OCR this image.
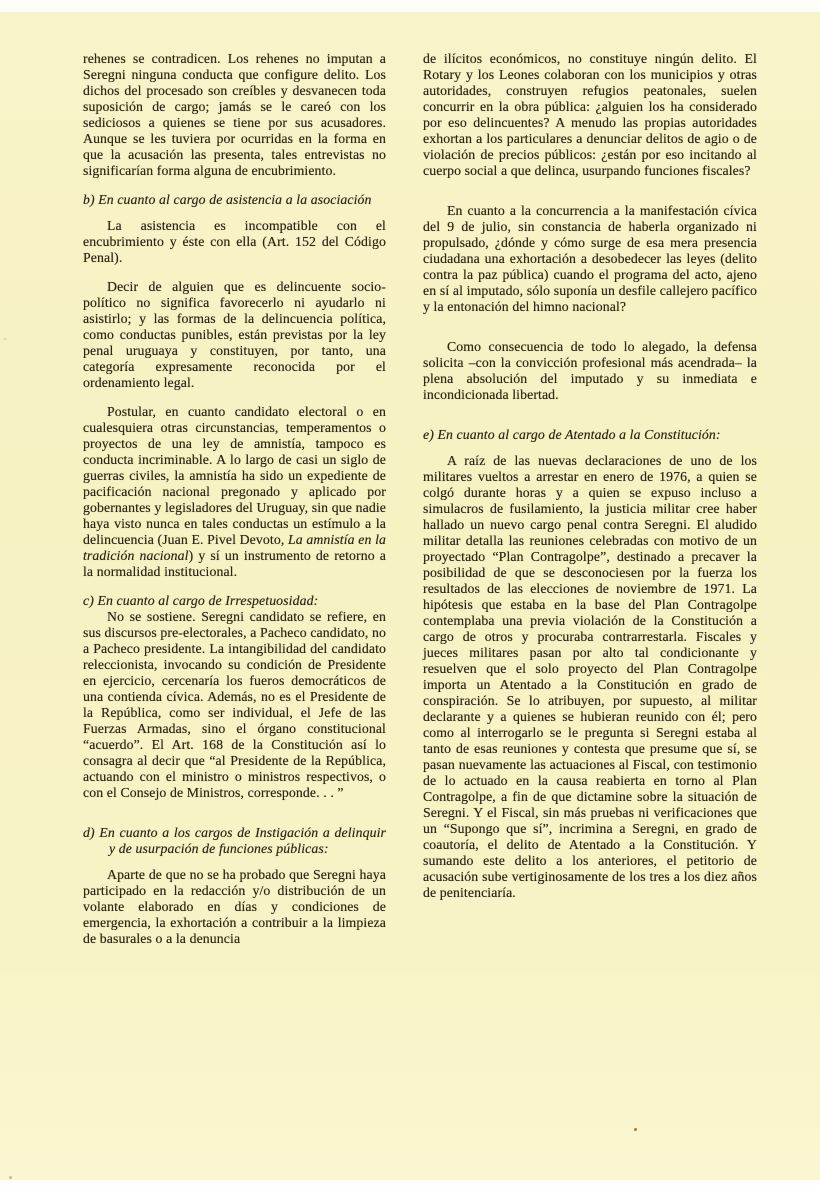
rehenes se contradicen. Los rehenes no imputan a Seregni ninguna conducta que configure delito. Los dichos del procesado son creíbles y desvanecen toda suposición de cargo; jamás se le careó con los sediciosos a quienes se tiene por sus acusadores. Aunque se les tuviera por ocurridas en la forma en que la acusación las presenta, tales entrevistas no significarían forma alguna de encubrimiento.

b) En cuanto al cargo de asistencia a la asociación

La asistencia es incompatible con el encubrimiento y éste con ella (Art. 152 del Código Penal).

Decir de alguien que es delincuente socio-político no significa favorecerlo ni ayudarlo ni asistirlo; y las formas de la delincuencia política, como conductas punibles, están previstas por la ley penal uruguaya y constituyen, por tanto, una categoría expresamente reconocida por el ordenamiento legal.

Postular, en cuanto candidato electoral o en cualesquiera otras circunstancias, temperamentos o proyectos de una ley de amnistía, tampoco es conducta incriminable. A lo largo de casi un siglo de guerras civiles, la amnistía ha sido un expediente de pacificación nacional pregonado y aplicado por gobernantes y legisladores del Uruguay, sin que nadie haya visto nunca en tales conductas un estímulo a la delincuencia (Juan E. Pivel Devoto, La amnistía en la tradición nacional) y sí un instrumento de retorno a la normalidad institucional.

c) En cuanto al cargo de Irrespetuosidad:

No se sostiene. Seregni candidato se refiere, en sus discursos pre-electorales, a Pacheco candidato, no a Pacheco presidente. La intangibilidad del candidato releccionista, invocando su condición de Presidente en ejercicio, cercenaría los fueros democráticos de una contienda cívica. Además, no es el Presidente de la República, como ser individual, el Jefe de las Fuerzas Armadas, sino el órgano constitucional “acuerdo”. El Art. 168 de la Constitución así lo consagra al decir que “al Presidente de la República, actuando con el ministro o ministros respectivos, o con el Consejo de Ministros, corresponde. . . ”

d) En cuanto a los cargos de Instigación a delinquir y de usurpación de funciones públicas:

Aparte de que no se ha probado que Seregni haya participado en la redacción y/o distribución de un volante elaborado en días y condiciones de emergencia, la exhortación a contribuir a la limpieza de basurales o a la denuncia

de ilícitos económicos, no constituye ningún delito. El Rotary y los Leones colaboran con los municipios y otras autoridades, construyen refugios peatonales, suelen concurrir en la obra pública: ¿alguien los ha considerado por eso delincuentes? A menudo las propias autoridades exhortan a los particulares a denunciar delitos de agio o de violación de precios públicos: ¿están por eso incitando al cuerpo social a que delinca, usurpando funciones fiscales?

En cuanto a la concurrencia a la manifestación cívica del 9 de julio, sin constancia de haberla organizado ni propulsado, ¿dónde y cómo surge de esa mera presencia ciudadana una exhortación a desobedecer las leyes (delito contra la paz pública) cuando el programa del acto, ajeno en sí al imputado, sólo suponía un desfile callejero pacífico y la entonación del himno nacional?

Como consecuencia de todo lo alegado, la defensa solicita –con la convicción profesional más acendrada– la plena absolución del imputado y su inmediata e incondicionada libertad.

e) En cuanto al cargo de Atentado a la Constitución:

A raíz de las nuevas declaraciones de uno de los militares vueltos a arrestar en enero de 1976, a quien se colgó durante horas y a quien se expuso incluso a simulacros de fusilamiento, la justicia militar cree haber hallado un nuevo cargo penal contra Seregni. El aludido militar detalla las reuniones celebradas con motivo de un proyectado “Plan Contragolpe”, destinado a precaver la posibilidad de que se desconociesen por la fuerza los resultados de las elecciones de noviembre de 1971. La hipótesis que estaba en la base del Plan Contragolpe contemplaba una previa violación de la Constitución a cargo de otros y procuraba contrarrestarla. Fiscales y jueces militares pasan por alto tal condicionante y resuelven que el solo proyecto del Plan Contragolpe importa un Atentado a la Constitución en grado de conspiración. Se lo atribuyen, por supuesto, al militar declarante y a quienes se hubieran reunido con él; pero como al interrogarlo se le pregunta si Seregni estaba al tanto de esas reuniones y contesta que presume que sí, se pasan nuevamente las actuaciones al Fiscal, con testimonio de lo actuado en la causa reabierta en torno al Plan Contragolpe, a fin de que dictamine sobre la situación de Seregni. Y el Fiscal, sin más pruebas ni verificaciones que un “Supongo que sí”, incrimina a Seregni, en grado de coautoría, el delito de Atentado a la Constitución. Y sumando este delito a los anteriores, el petitorio de acusación sube vertiginosamente de los tres a los diez años de penitenciaría.
